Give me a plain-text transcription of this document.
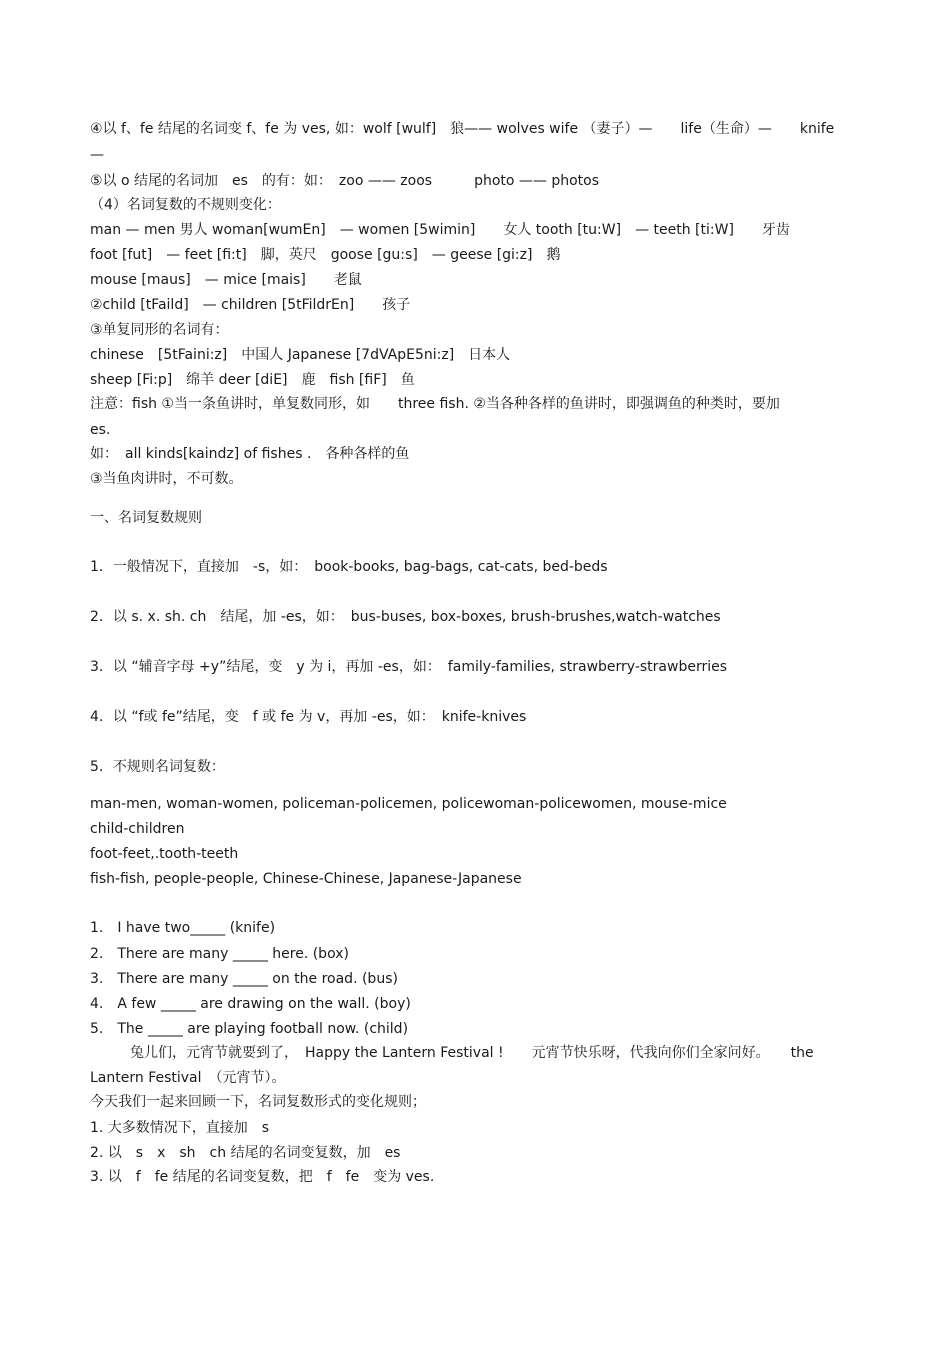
④以 f、fe 结尾的名词变 f、fe 为 ves, 如：wolf [wulf]　狼—— wolves wife （妻子）—　　life（生命）—　　knife
—
⑤以 o 结尾的名词加　es　的有：如：　zoo —— zoos　　　photo —— photos
（4）名词复数的不规则变化：
man — men 男人 woman[wumEn]　— women [5wimin]　　女人 tooth [tu:W]　— teeth [ti:W]　　牙齿
foot [fut]　— feet [fi:t]　脚，英尺　goose [gu:s]　— geese [gi:z]　鹅
mouse [maus]　— mice [mais]　　老鼠
②child [tFaild]　— children [5tFildrEn]　　孩子
③单复同形的名词有：
chinese　[5tFaini:z]　中国人 Japanese [7dVApE5ni:z]　日本人
sheep [Fi:p]　绵羊 deer [diE]　鹿　fish [fiF]　鱼
注意：fish ①当一条鱼讲时，单复数同形，如　　three fish. ②当各种各样的鱼讲时，即强调鱼的种类时，要加
es.
如：　all kinds[kaindz] of fishes .　各种各样的鱼
③当鱼肉讲时，不可数。
一、名词复数规则
1．一般情况下，直接加　-s，如：　book-books, bag-bags, cat-cats, bed-beds
2．以 s. x. sh. ch　结尾，加 -es，如：　bus-buses, box-boxes, brush-brushes,watch-watches
3．以 “辅音字母 +y”结尾，变　y 为 i，再加 -es，如：　family-families, strawberry-strawberries
4．以 “f或 fe”结尾，变　f 或 fe 为 v，再加 -es，如：　knife-knives
5．不规则名词复数：
man-men, woman-women, policeman-policemen, policewoman-policewomen, mouse-mice
child-children
foot-feet,.tooth-teeth
fish-fish, people-people, Chinese-Chinese, Japanese-Japanese
1.　I have two_____ (knife)
2.　There are many _____ here. (box)
3.　There are many _____ on the road. (bus)
4.　A few _____ are drawing on the wall. (boy)
5.　The _____ are playing football now. (child)
兔儿们，元宵节就要到了，　Happy the Lantern Festival !　　元宵节快乐呀，代我向你们全家问好。　　the
Lantern Festival　（元宵节）。
今天我们一起来回顾一下，名词复数形式的变化规则；
1. 大多数情况下，直接加　s
2. 以　s　x　sh　ch 结尾的名词变复数，加　es
3. 以　f　fe 结尾的名词变复数，把　f　fe　变为 ves.
